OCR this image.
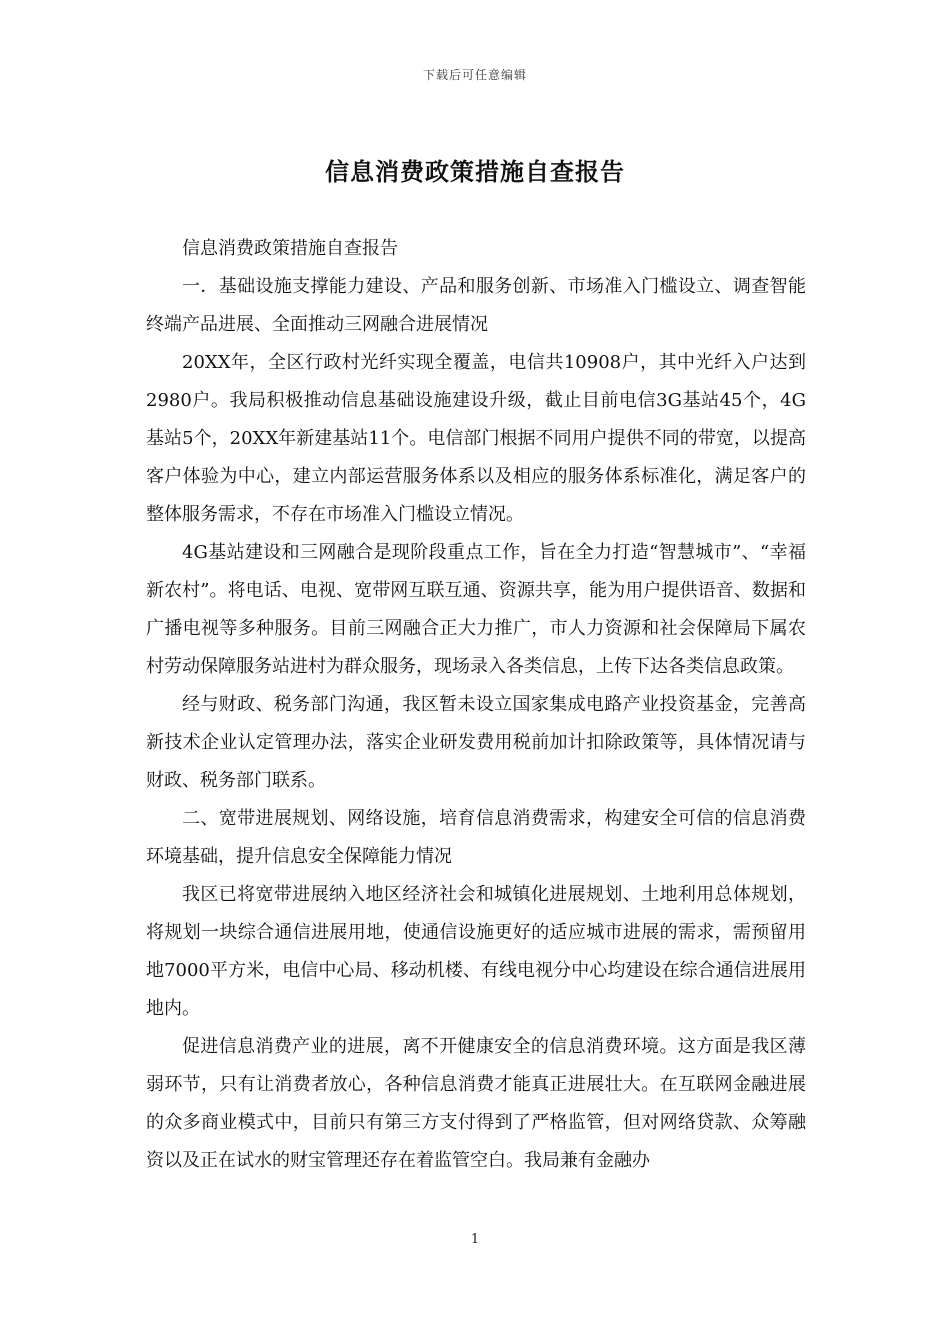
下载后可任意编辑
信息消费政策措施自查报告

信息消费政策措施自查报告

一．基础设施支撑能力建设、产品和服务创新、市场准入门槛设立、调查智能终端产品进展、全面推动三网融合进展情况

20XX年，全区行政村光纤实现全覆盖，电信共10908户，其中光纤入户达到2980户。我局积极推动信息基础设施建设升级，截止目前电信3G基站45个，4G基站5个，20XX年新建基站11个。电信部门根据不同用户提供不同的带宽，以提高客户体验为中心，建立内部运营服务体系以及相应的服务体系标准化，满足客户的整体服务需求，不存在市场准入门槛设立情况。

4G基站建设和三网融合是现阶段重点工作，旨在全力打造“智慧城市”、“幸福新农村”。将电话、电视、宽带网互联互通、资源共享，能为用户提供语音、数据和广播电视等多种服务。目前三网融合正大力推广，市人力资源和社会保障局下属农村劳动保障服务站进村为群众服务，现场录入各类信息，上传下达各类信息政策。

经与财政、税务部门沟通，我区暂未设立国家集成电路产业投资基金，完善高新技术企业认定管理办法，落实企业研发费用税前加计扣除政策等，具体情况请与财政、税务部门联系。

二、宽带进展规划、网络设施，培育信息消费需求，构建安全可信的信息消费环境基础，提升信息安全保障能力情况

我区已将宽带进展纳入地区经济社会和城镇化进展规划、土地利用总体规划，将规划一块综合通信进展用地，使通信设施更好的适应城市进展的需求，需预留用地7000平方米，电信中心局、移动机楼、有线电视分中心均建设在综合通信进展用地内。

促进信息消费产业的进展，离不开健康安全的信息消费环境。这方面是我区薄弱环节，只有让消费者放心，各种信息消费才能真正进展壮大。在互联网金融进展的众多商业模式中，目前只有第三方支付得到了严格监管，但对网络贷款、众筹融资以及正在试水的财宝管理还存在着监管空白。我局兼有金融办

1
